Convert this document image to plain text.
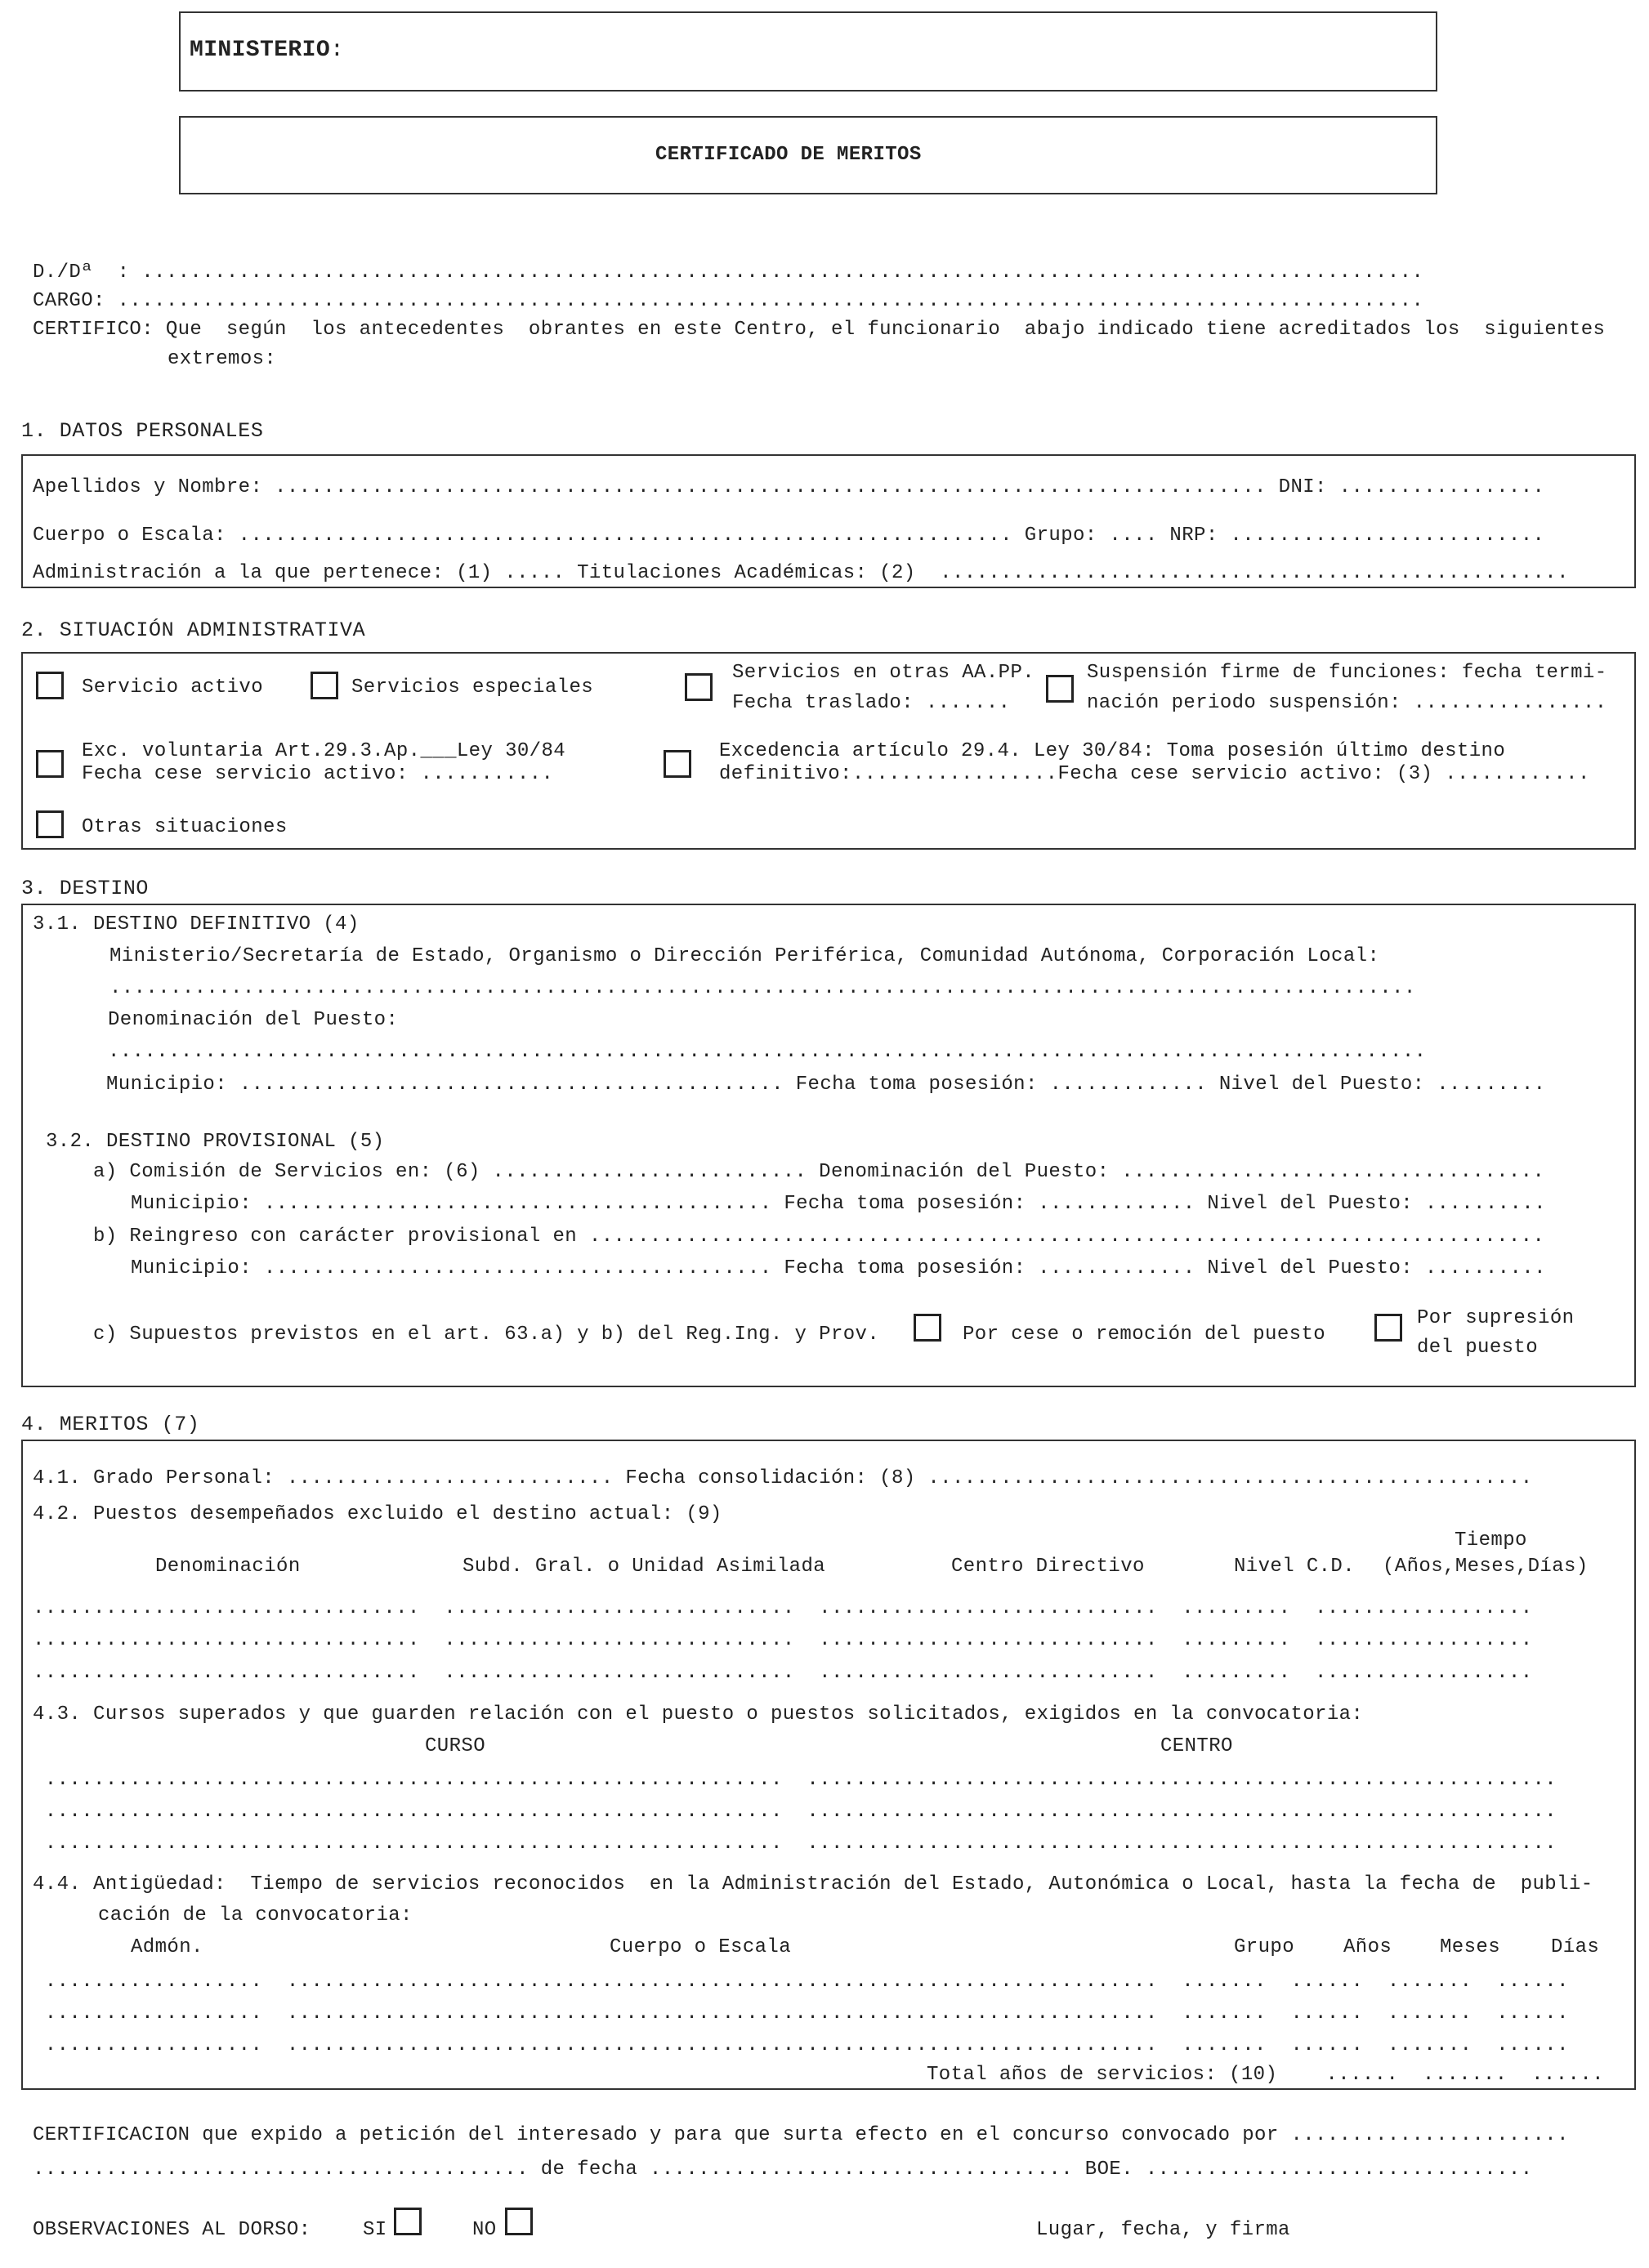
MINISTERIO:
CERTIFICADO DE MERITOS
D./Dª  : ..........................................................................................................
CARGO: ............................................................................................................
CERTIFICO: Que  según  los antecedentes  obrantes en este Centro, el funcionario  abajo indicado tiene acreditados los  siguientes
extremos:
1. DATOS PERSONALES
Apellidos y Nombre: .................................................................................. DNI: .................
Cuerpo o Escala: ................................................................ Grupo: .... NRP: ..........................
Administración a la que pertenece: (1) ..... Titulaciones Académicas: (2)  ....................................................
2. SITUACIÓN ADMINISTRATIVA
Servicio activo	Servicios especiales
Servicios en otras AA.PP.
Fecha traslado: .......
Suspensión firme de funciones: fecha termi-
nación periodo suspensión: ................
Exc. voluntaria Art.29.3.Ap.___Ley 30/84
Fecha cese servicio activo: ...........
Excedencia artículo 29.4. Ley 30/84: Toma posesión último destino
definitivo:.................Fecha cese servicio activo: (3) ............
Otras situaciones
3. DESTINO
3.1. DESTINO DEFINITIVO (4)
Ministerio/Secretaría de Estado, Organismo o Dirección Periférica, Comunidad Autónoma, Corporación Local:
............................................................................................................
Denominación del Puesto:
.............................................................................................................
Municipio: ............................................. Fecha toma posesión: ............. Nivel del Puesto: .........
3.2. DESTINO PROVISIONAL (5)
a) Comisión de Servicios en: (6) .......................... Denominación del Puesto: ...................................
Municipio: .......................................... Fecha toma posesión: ............. Nivel del Puesto: ..........
b) Reingreso con carácter provisional en ...............................................................................
Municipio: .......................................... Fecha toma posesión: ............. Nivel del Puesto: ..........
c) Supuestos previstos en el art. 63.a) y b) del Reg.Ing. y Prov.	Por cese o remoción del puesto
Por supresión
del puesto
4. MERITOS (7)
4.1. Grado Personal: ........................... Fecha consolidación: (8) ..................................................
4.2. Puestos desempeñados excluido el destino actual: (9)
Tiempo
Denominación	Subd. Gral. o Unidad Asimilada	Centro Directivo	Nivel C.D. (Años,Meses,Días)
................................  .............................  ............................  .........  ..................
................................  .............................  ............................  .........  ..................
................................  .............................  ............................  .........  ..................
4.3. Cursos superados y que guarden relación con el puesto o puestos solicitados, exigidos en la convocatoria:
CURSO	CENTRO
.............................................................  ..............................................................
.............................................................  ..............................................................
.............................................................  ..............................................................
4.4. Antigüedad:  Tiempo de servicios reconocidos  en la Administración del Estado, Autonómica o Local, hasta la fecha de  publi-
cación de la convocatoria:
Admón.	Cuerpo o Escala	Grupo Años Meses	Días
..................  ........................................................................  .......  ......  .......  ......
..................  ........................................................................  .......  ......  .......  ......
..................  ........................................................................  .......  ......  .......  ......
Total años de servicios: (10)    ......  .......  ......
CERTIFICACION que expido a petición del interesado y para que surta efecto en el concurso convocado por .......................
......................................... de fecha ................................... BOE. ................................
OBSERVACIONES AL DORSO:	SI	NO	Lugar, fecha, y firma
